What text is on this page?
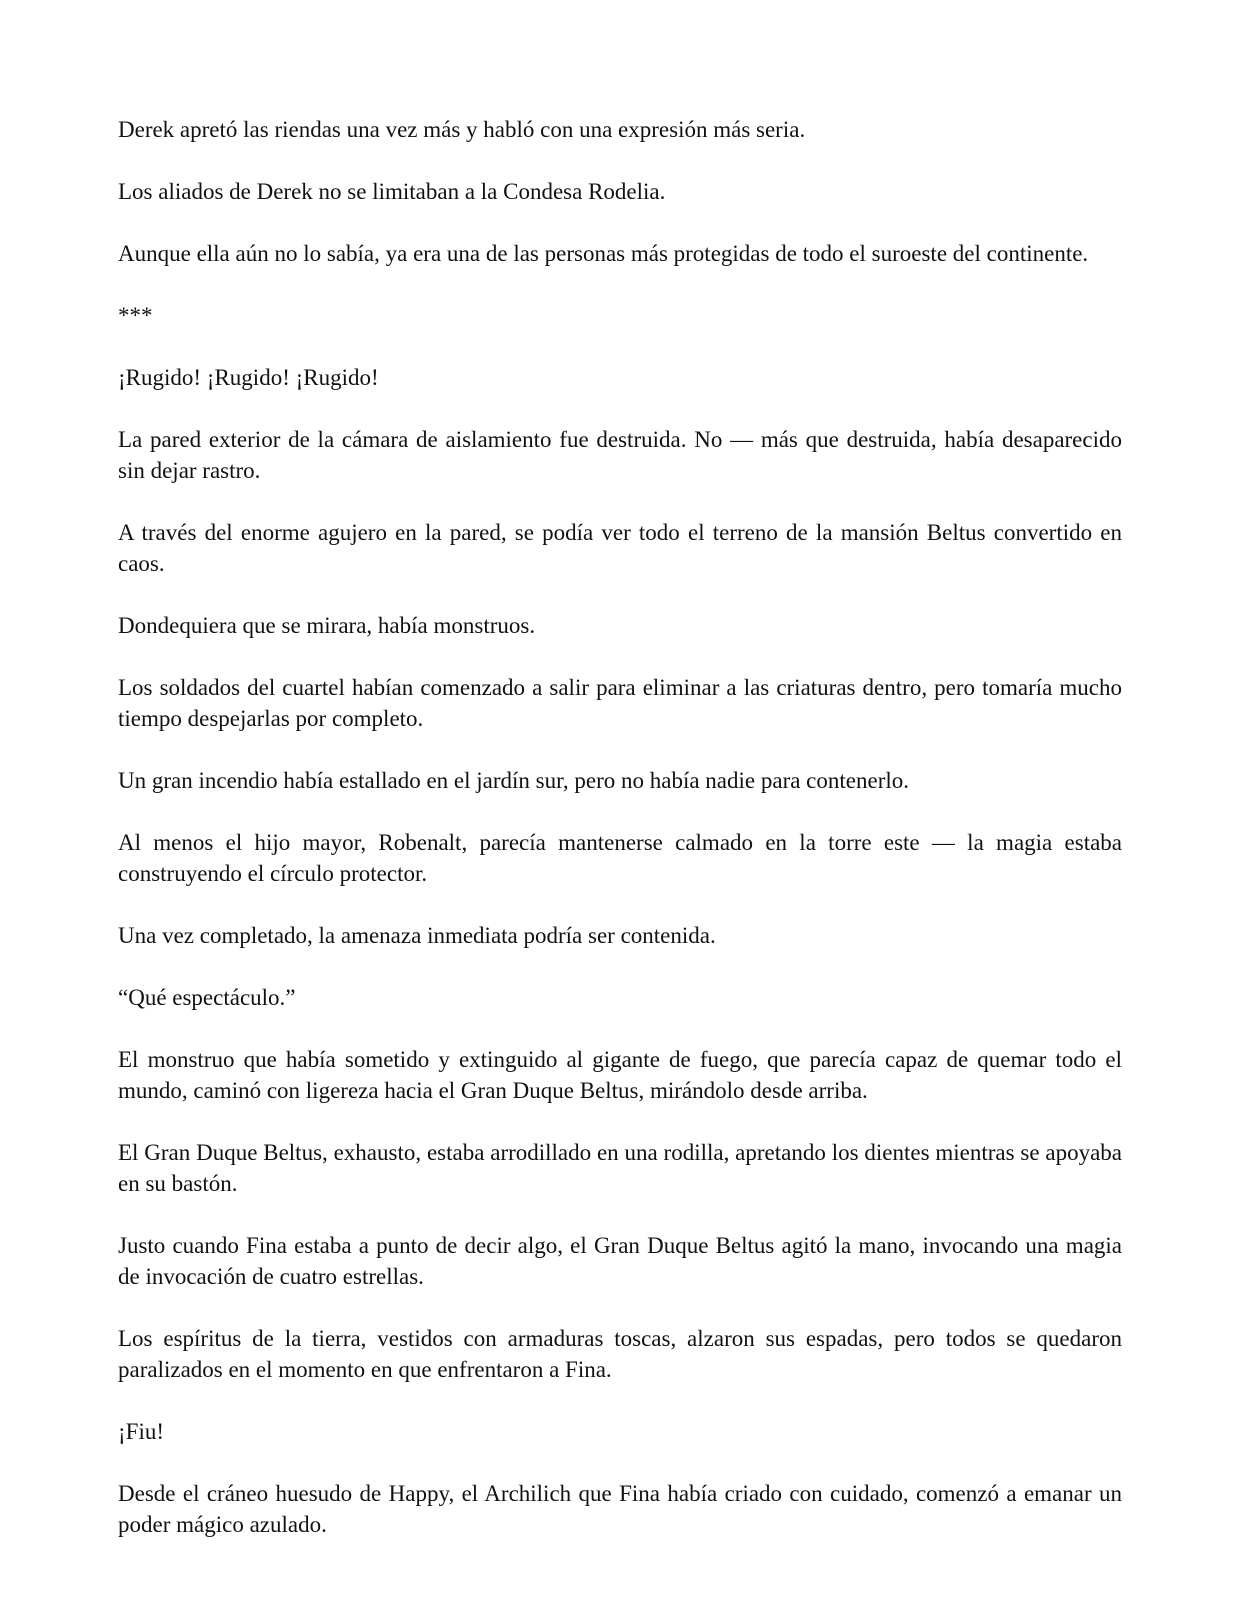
Derek apretó las riendas una vez más y habló con una expresión más seria.

Los aliados de Derek no se limitaban a la Condesa Rodelia.

Aunque ella aún no lo sabía, ya era una de las personas más protegidas de todo el suroeste del continente.

***

¡Rugido! ¡Rugido! ¡Rugido!

La pared exterior de la cámara de aislamiento fue destruida. No — más que destruida, había desaparecido sin dejar rastro.

A través del enorme agujero en la pared, se podía ver todo el terreno de la mansión Beltus convertido en caos.

Dondequiera que se mirara, había monstruos.

Los soldados del cuartel habían comenzado a salir para eliminar a las criaturas dentro, pero tomaría mucho tiempo despejarlas por completo.

Un gran incendio había estallado en el jardín sur, pero no había nadie para contenerlo.

Al menos el hijo mayor, Robenalt, parecía mantenerse calmado en la torre este — la magia estaba construyendo el círculo protector.

Una vez completado, la amenaza inmediata podría ser contenida.

“Qué espectáculo.”

El monstruo que había sometido y extinguido al gigante de fuego, que parecía capaz de quemar todo el mundo, caminó con ligereza hacia el Gran Duque Beltus, mirándolo desde arriba.

El Gran Duque Beltus, exhausto, estaba arrodillado en una rodilla, apretando los dientes mientras se apoyaba en su bastón.

Justo cuando Fina estaba a punto de decir algo, el Gran Duque Beltus agitó la mano, invocando una magia de invocación de cuatro estrellas.

Los espíritus de la tierra, vestidos con armaduras toscas, alzaron sus espadas, pero todos se quedaron paralizados en el momento en que enfrentaron a Fina.

¡Fiu!

Desde el cráneo huesudo de Happy, el Archilich que Fina había criado con cuidado, comenzó a emanar un poder mágico azulado.
